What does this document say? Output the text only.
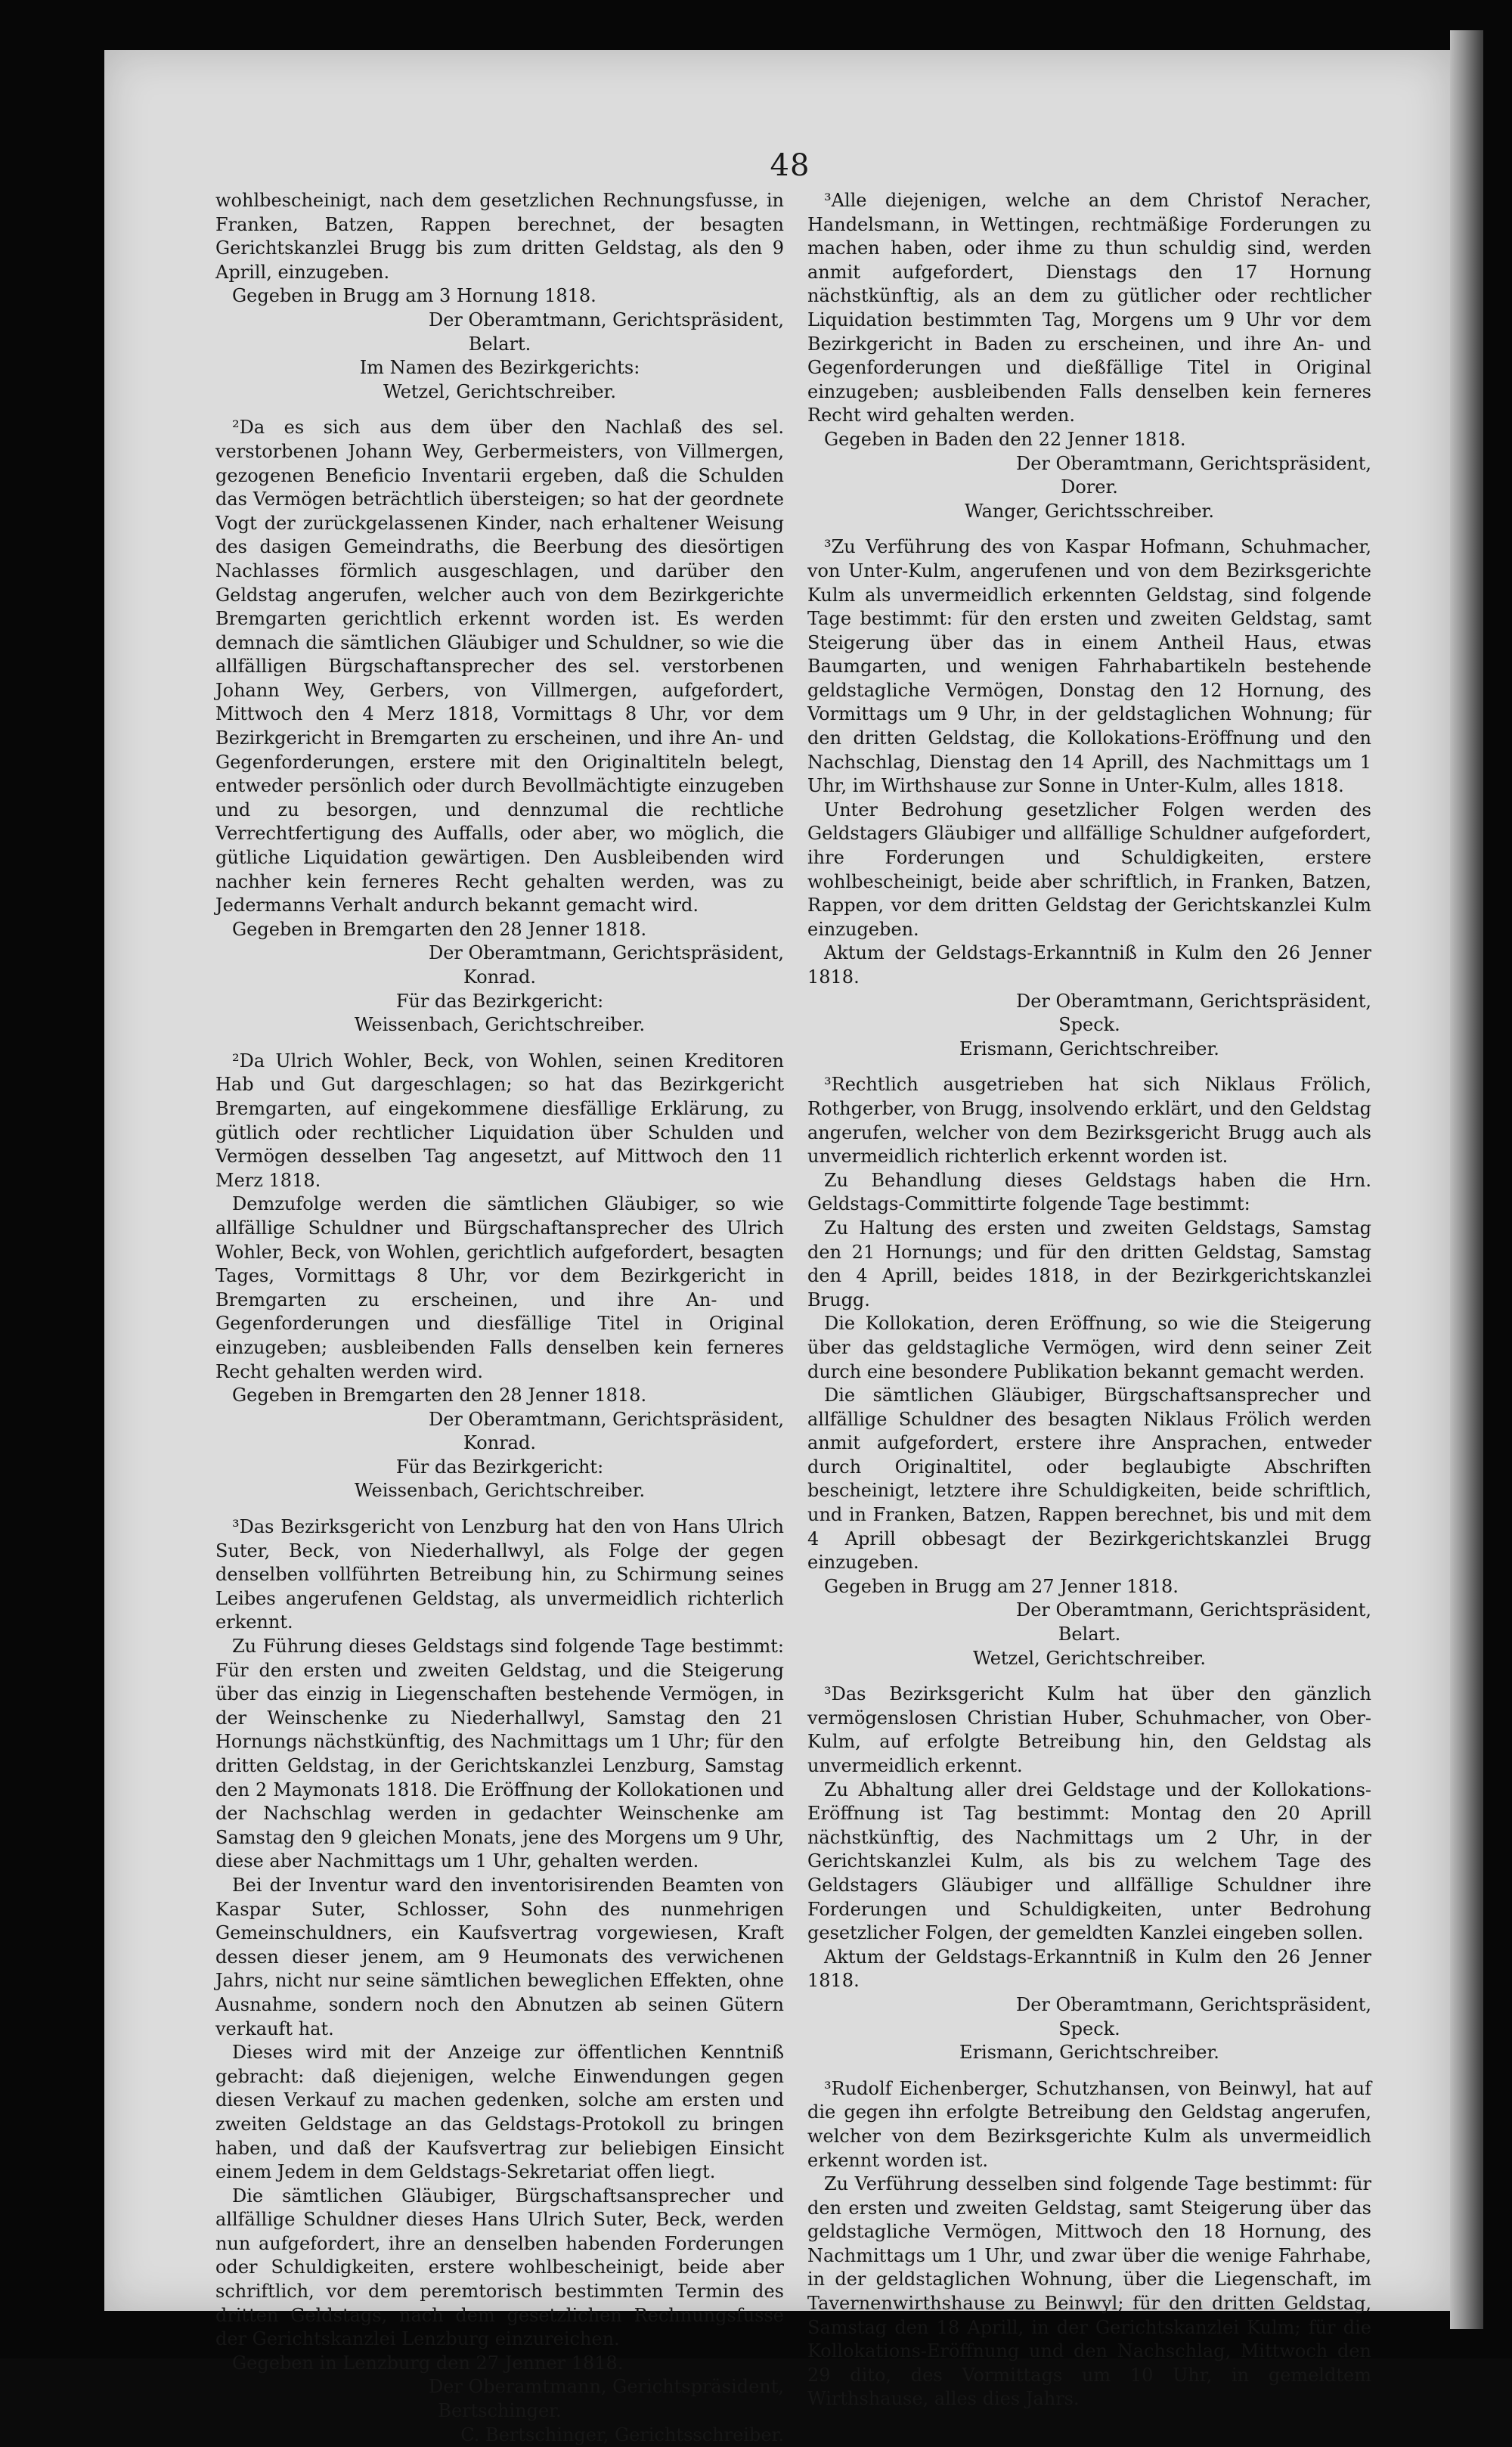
48

wohlbescheinigt, nach dem gesetzlichen Rechnungsfusse, in Franken, Batzen, Rappen berechnet, der besagten Gerichtskanzlei Brugg bis zum dritten Geldstag, als den 9 Aprill, einzugeben.

Gegeben in Brugg am 3 Hornung 1818.

Der Oberamtmann, Gerichtspräsident,

Belart.

Im Namen des Bezirkgerichts:

Wetzel, Gerichtschreiber.

²Da es sich aus dem über den Nachlaß des sel. verstorbenen Johann Wey, Gerbermeisters, von Villmergen, gezogenen Beneficio Inventarii ergeben, daß die Schulden das Vermögen beträchtlich übersteigen; so hat der geordnete Vogt der zurückgelassenen Kinder, nach erhaltener Weisung des dasigen Gemeindraths, die Beerbung des diesörtigen Nachlasses förmlich ausgeschlagen, und darüber den Geldstag angerufen, welcher auch von dem Bezirkgerichte Bremgarten gerichtlich erkennt worden ist. Es werden demnach die sämtlichen Gläubiger und Schuldner, so wie die allfälligen Bürgschaftansprecher des sel. verstorbenen Johann Wey, Gerbers, von Villmergen, aufgefordert, Mittwoch den 4 Merz 1818, Vormittags 8 Uhr, vor dem Bezirkgericht in Bremgarten zu erscheinen, und ihre An- und Gegenforderungen, erstere mit den Originaltiteln belegt, entweder persönlich oder durch Bevollmächtigte einzugeben und zu besorgen, und dennzumal die rechtliche Verrechtfertigung des Auffalls, oder aber, wo möglich, die gütliche Liquidation gewärtigen. Den Ausbleibenden wird nachher kein ferneres Recht gehalten werden, was zu Jedermanns Verhalt andurch bekannt gemacht wird.

Gegeben in Bremgarten den 28 Jenner 1818.

Der Oberamtmann, Gerichtspräsident,

Konrad.

Für das Bezirkgericht:

Weissenbach, Gerichtschreiber.

²Da Ulrich Wohler, Beck, von Wohlen, seinen Kreditoren Hab und Gut dargeschlagen; so hat das Bezirkgericht Bremgarten, auf eingekommene diesfällige Erklärung, zu gütlich oder rechtlicher Liquidation über Schulden und Vermögen desselben Tag angesetzt, auf Mittwoch den 11 Merz 1818.

Demzufolge werden die sämtlichen Gläubiger, so wie allfällige Schuldner und Bürgschaftansprecher des Ulrich Wohler, Beck, von Wohlen, gerichtlich aufgefordert, besagten Tages, Vormittags 8 Uhr, vor dem Bezirkgericht in Bremgarten zu erscheinen, und ihre An- und Gegenforderungen und diesfällige Titel in Original einzugeben; ausbleibenden Falls denselben kein ferneres Recht gehalten werden wird.

Gegeben in Bremgarten den 28 Jenner 1818.

Der Oberamtmann, Gerichtspräsident,

Konrad.

Für das Bezirkgericht:

Weissenbach, Gerichtschreiber.

³Das Bezirksgericht von Lenzburg hat den von Hans Ulrich Suter, Beck, von Niederhallwyl, als Folge der gegen denselben vollführten Betreibung hin, zu Schirmung seines Leibes angerufenen Geldstag, als unvermeidlich richterlich erkennt.

Zu Führung dieses Geldstags sind folgende Tage bestimmt: Für den ersten und zweiten Geldstag, und die Steigerung über das einzig in Liegenschaften bestehende Vermögen, in der Weinschenke zu Niederhallwyl, Samstag den 21 Hornungs nächstkünftig, des Nachmittags um 1 Uhr; für den dritten Geldstag, in der Gerichtskanzlei Lenzburg, Samstag den 2 Maymonats 1818. Die Eröffnung der Kollokationen und der Nachschlag werden in gedachter Weinschenke am Samstag den 9 gleichen Monats, jene des Morgens um 9 Uhr, diese aber Nachmittags um 1 Uhr, gehalten werden.

Bei der Inventur ward den inventorisirenden Beamten von Kaspar Suter, Schlosser, Sohn des nunmehrigen Gemeinschuldners, ein Kaufsvertrag vorgewiesen, Kraft dessen dieser jenem, am 9 Heumonats des verwichenen Jahrs, nicht nur seine sämtlichen beweglichen Effekten, ohne Ausnahme, sondern noch den Abnutzen ab seinen Gütern verkauft hat.

Dieses wird mit der Anzeige zur öffentlichen Kenntniß gebracht: daß diejenigen, welche Einwendungen gegen diesen Verkauf zu machen gedenken, solche am ersten und zweiten Geldstage an das Geldstags-Protokoll zu bringen haben, und daß der Kaufsvertrag zur beliebigen Einsicht einem Jedem in dem Geldstags-Sekretariat offen liegt.

Die sämtlichen Gläubiger, Bürgschaftsansprecher und allfällige Schuldner dieses Hans Ulrich Suter, Beck, werden nun aufgefordert, ihre an denselben habenden Forderungen oder Schuldigkeiten, erstere wohlbescheinigt, beide aber schriftlich, vor dem peremtorisch bestimmten Termin des dritten Geldstags, nach dem gesetzlichen Rechnungsfusse der Gerichtskanzlei Lenzburg einzureichen.

Gegeben in Lenzburg den 27 Jenner 1818.

Der Oberamtmann, Gerichtspräsident,

Bertschinger.

C. Bertschinger, Gerichtsschreiber.

³Alle diejenigen, welche an dem Christof Neracher, Handelsmann, in Wettingen, rechtmäßige Forderungen zu machen haben, oder ihme zu thun schuldig sind, werden anmit aufgefordert, Dienstags den 17 Hornung nächstkünftig, als an dem zu gütlicher oder rechtlicher Liquidation bestimmten Tag, Morgens um 9 Uhr vor dem Bezirkgericht in Baden zu erscheinen, und ihre An- und Gegenforderungen und dießfällige Titel in Original einzugeben; ausbleibenden Falls denselben kein ferneres Recht wird gehalten werden.

Gegeben in Baden den 22 Jenner 1818.

Der Oberamtmann, Gerichtspräsident,

Dorer.

Wanger, Gerichtsschreiber.

³Zu Verführung des von Kaspar Hofmann, Schuhmacher, von Unter-Kulm, angerufenen und von dem Bezirksgerichte Kulm als unvermeidlich erkennten Geldstag, sind folgende Tage bestimmt: für den ersten und zweiten Geldstag, samt Steigerung über das in einem Antheil Haus, etwas Baumgarten, und wenigen Fahrhabartikeln bestehende geldstagliche Vermögen, Donstag den 12 Hornung, des Vormittags um 9 Uhr, in der geldstaglichen Wohnung; für den dritten Geldstag, die Kollokations-Eröffnung und den Nachschlag, Dienstag den 14 Aprill, des Nachmittags um 1 Uhr, im Wirthshause zur Sonne in Unter-Kulm, alles 1818.

Unter Bedrohung gesetzlicher Folgen werden des Geldstagers Gläubiger und allfällige Schuldner aufgefordert, ihre Forderungen und Schuldigkeiten, erstere wohlbescheinigt, beide aber schriftlich, in Franken, Batzen, Rappen, vor dem dritten Geldstag der Gerichtskanzlei Kulm einzugeben.

Aktum der Geldstags-Erkanntniß in Kulm den 26 Jenner 1818.

Der Oberamtmann, Gerichtspräsident,

Speck.

Erismann, Gerichtschreiber.

³Rechtlich ausgetrieben hat sich Niklaus Frölich, Rothgerber, von Brugg, insolvendo erklärt, und den Geldstag angerufen, welcher von dem Bezirksgericht Brugg auch als unvermeidlich richterlich erkennt worden ist.

Zu Behandlung dieses Geldstags haben die Hrn. Geldstags-Committirte folgende Tage bestimmt:

Zu Haltung des ersten und zweiten Geldstags, Samstag den 21 Hornungs; und für den dritten Geldstag, Samstag den 4 Aprill, beides 1818, in der Bezirkgerichtskanzlei Brugg.

Die Kollokation, deren Eröffnung, so wie die Steigerung über das geldstagliche Vermögen, wird denn seiner Zeit durch eine besondere Publikation bekannt gemacht werden.

Die sämtlichen Gläubiger, Bürgschaftsansprecher und allfällige Schuldner des besagten Niklaus Frölich werden anmit aufgefordert, erstere ihre Ansprachen, entweder durch Originaltitel, oder beglaubigte Abschriften bescheinigt, letztere ihre Schuldigkeiten, beide schriftlich, und in Franken, Batzen, Rappen berechnet, bis und mit dem 4 Aprill obbesagt der Bezirkgerichtskanzlei Brugg einzugeben.

Gegeben in Brugg am 27 Jenner 1818.

Der Oberamtmann, Gerichtspräsident,

Belart.

Wetzel, Gerichtschreiber.

³Das Bezirksgericht Kulm hat über den gänzlich vermögenslosen Christian Huber, Schuhmacher, von Ober-Kulm, auf erfolgte Betreibung hin, den Geldstag als unvermeidlich erkennt.

Zu Abhaltung aller drei Geldstage und der Kollokations-Eröffnung ist Tag bestimmt: Montag den 20 Aprill nächstkünftig, des Nachmittags um 2 Uhr, in der Gerichtskanzlei Kulm, als bis zu welchem Tage des Geldstagers Gläubiger und allfällige Schuldner ihre Forderungen und Schuldigkeiten, unter Bedrohung gesetzlicher Folgen, der gemeldten Kanzlei eingeben sollen.

Aktum der Geldstags-Erkanntniß in Kulm den 26 Jenner 1818.

Der Oberamtmann, Gerichtspräsident,

Speck.

Erismann, Gerichtschreiber.

³Rudolf Eichenberger, Schutzhansen, von Beinwyl, hat auf die gegen ihn erfolgte Betreibung den Geldstag angerufen, welcher von dem Bezirksgerichte Kulm als unvermeidlich erkennt worden ist.

Zu Verführung desselben sind folgende Tage bestimmt: für den ersten und zweiten Geldstag, samt Steigerung über das geldstagliche Vermögen, Mittwoch den 18 Hornung, des Nachmittags um 1 Uhr, und zwar über die wenige Fahrhabe, in der geldstaglichen Wohnung, über die Liegenschaft, im Tavernenwirthshause zu Beinwyl; für den dritten Geldstag, Samstag den 18 Aprill, in der Gerichtskanzlei Kulm; für die Kollokations-Eröffnung und den Nachschlag, Mittwoch den 29 dito, des Vormittags um 10 Uhr, in gemeldtem Wirthshause, alles dies Jahrs.
